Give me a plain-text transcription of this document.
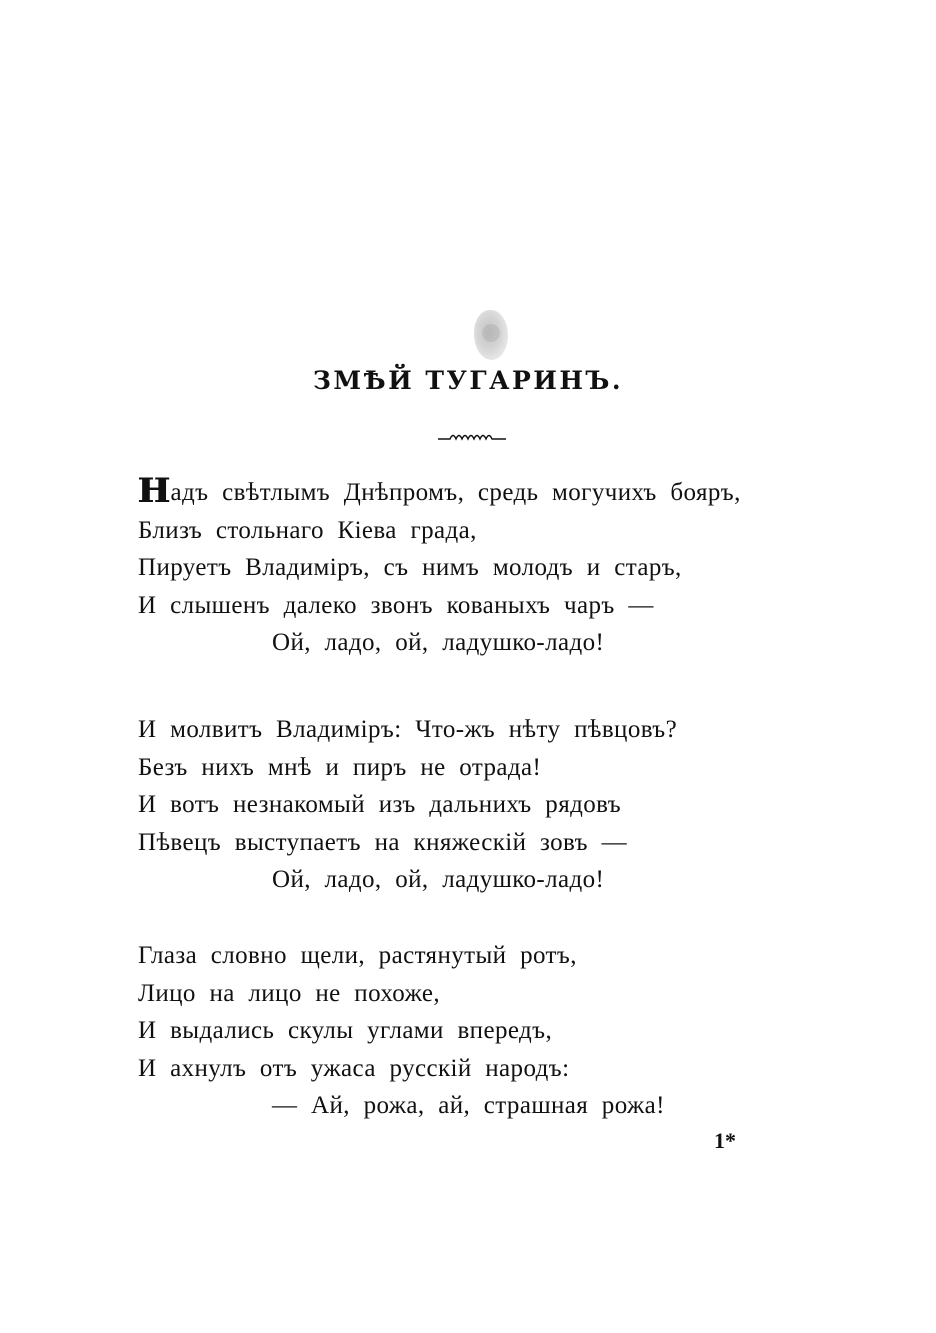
ЗМѢЙ ТУГАРИНЪ.
Надъ свѣтлымъ Днѣпромъ, средь могучихъ бояръ,
Близъ стольнаго Кіева града,
Пируетъ Владиміръ, съ нимъ молодъ и старъ,
И слышенъ далеко звонъ кованыхъ чаръ —
Ой, ладо, ой, ладушко-ладо!
И молвитъ Владиміръ: Что-жъ нѣту пѣвцовъ?
Безъ нихъ мнѣ и пиръ не отрада!
И вотъ незнакомый изъ дальнихъ рядовъ
Пѣвецъ выступаетъ на княжескій зовъ —
Ой, ладо, ой, ладушко-ладо!
Глаза словно щели, растянутый ротъ,
Лицо на лицо не похоже,
И выдались скулы углами впередъ,
И ахнулъ отъ ужаса русскій народъ:
— Ай, рожа, ай, страшная рожа!
1*
